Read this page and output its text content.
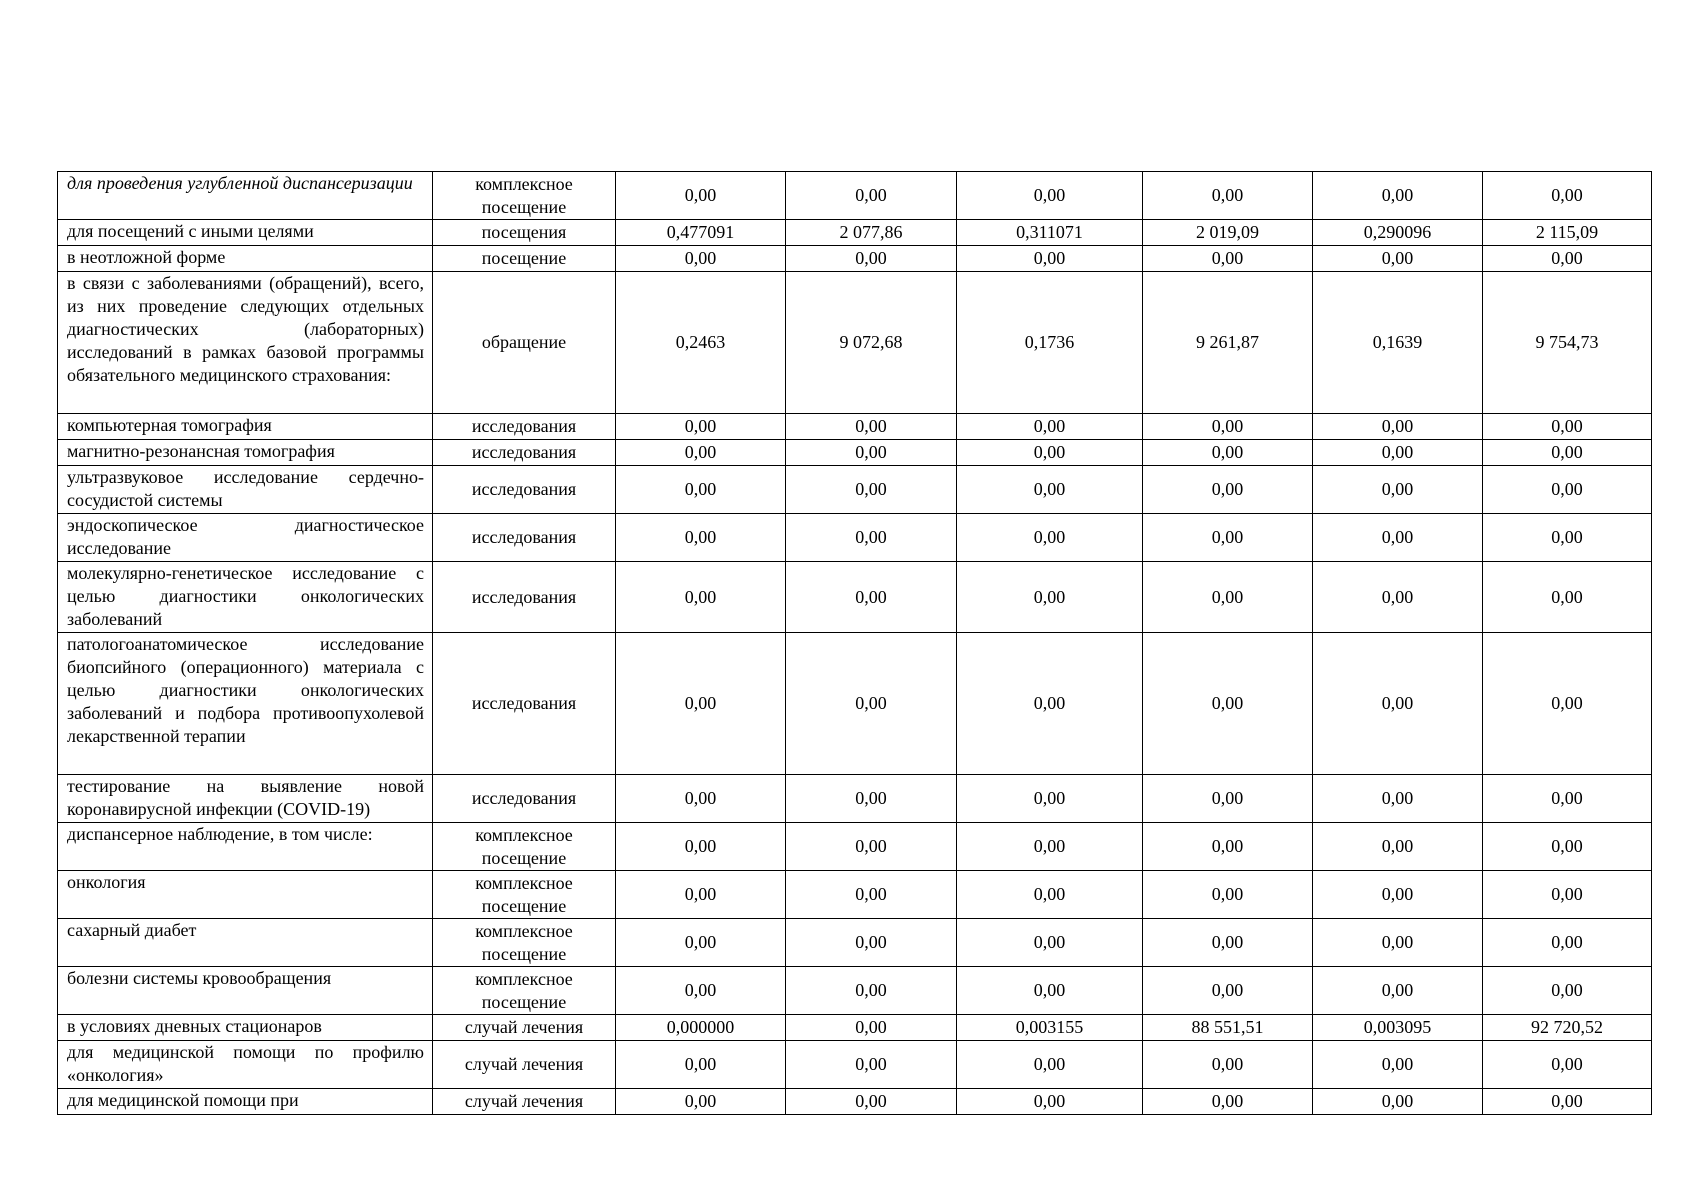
для проведения углубленной диспансеризации	комплексное посещение	0,00	0,00	0,00	0,00	0,00	0,00
для посещений с иными целями	посещения	0,477091	2 077,86	0,311071	2 019,09	0,290096	2 115,09
в неотложной форме	посещение	0,00	0,00	0,00	0,00	0,00	0,00
в связи с заболеваниями (обращений), всего, из них проведение следующих отдельных диагностических (лабораторных) исследований в рамках базовой программы обязательного медицинского страхования:	обращение	0,2463	9 072,68	0,1736	9 261,87	0,1639	9 754,73
компьютерная томография	исследования	0,00	0,00	0,00	0,00	0,00	0,00
магнитно-резонансная томография	исследования	0,00	0,00	0,00	0,00	0,00	0,00
ультразвуковое исследование сердечно-сосудистой системы	исследования	0,00	0,00	0,00	0,00	0,00	0,00
эндоскопическое диагностическое исследование	исследования	0,00	0,00	0,00	0,00	0,00	0,00
молекулярно-генетическое исследование с целью диагностики онкологических заболеваний	исследования	0,00	0,00	0,00	0,00	0,00	0,00
патологоанатомическое исследование биопсийного (операционного) материала с целью диагностики онкологических заболеваний и подбора противоопухолевой лекарственной терапии	исследования	0,00	0,00	0,00	0,00	0,00	0,00
тестирование на выявление новой коронавирусной инфекции (COVID-19)	исследования	0,00	0,00	0,00	0,00	0,00	0,00
диспансерное наблюдение, в том числе:	комплексное посещение	0,00	0,00	0,00	0,00	0,00	0,00
онкология	комплексное посещение	0,00	0,00	0,00	0,00	0,00	0,00
сахарный диабет	комплексное посещение	0,00	0,00	0,00	0,00	0,00	0,00
болезни системы кровообращения	комплексное посещение	0,00	0,00	0,00	0,00	0,00	0,00
в условиях дневных стационаров	случай лечения	0,000000	0,00	0,003155	88 551,51	0,003095	92 720,52
для медицинской помощи по профилю «онкология»	случай лечения	0,00	0,00	0,00	0,00	0,00	0,00
для медицинской помощи при	случай лечения	0,00	0,00	0,00	0,00	0,00	0,00
